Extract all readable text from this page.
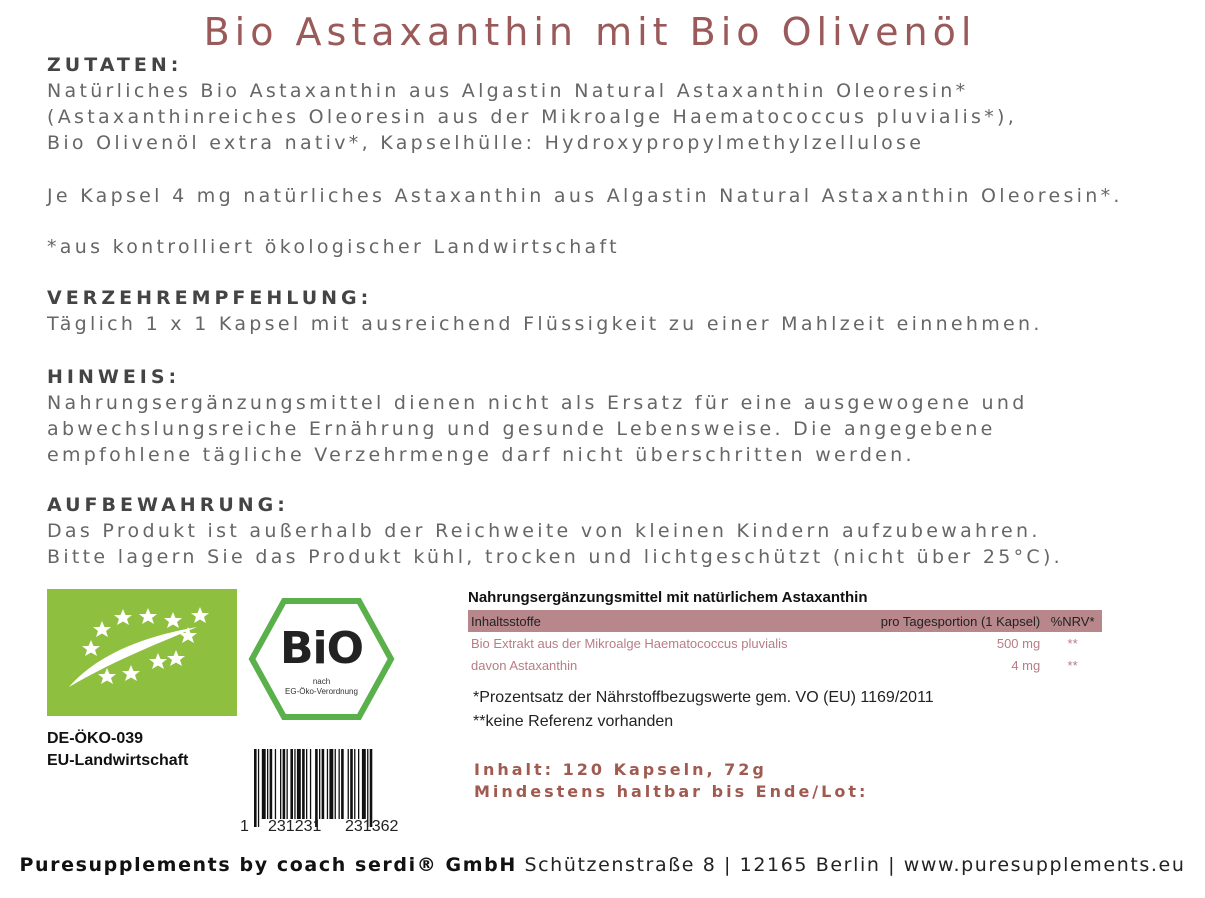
Bio Astaxanthin mit Bio Olivenöl
ZUTATEN:
Natürliches Bio Astaxanthin aus Algastin Natural Astaxanthin Oleoresin*
(Astaxanthinreiches Oleoresin aus der Mikroalge Haematococcus pluvialis*),
Bio Olivenöl extra nativ*, Kapselhülle: Hydroxypropylmethylzellulose
Je Kapsel 4 mg natürliches Astaxanthin aus Algastin Natural Astaxanthin Oleoresin*.
*aus kontrolliert ökologischer Landwirtschaft
VERZEHREMPFEHLUNG:
Täglich 1 x 1 Kapsel mit ausreichend Flüssigkeit zu einer Mahlzeit einnehmen.
HINWEIS:
Nahrungsergänzungsmittel dienen nicht als Ersatz für eine ausgewogene und
abwechslungsreiche Ernährung und gesunde Lebensweise. Die angegebene
empfohlene tägliche Verzehrmenge darf nicht überschritten werden.
AUFBEWAHRUNG:
Das Produkt ist außerhalb der Reichweite von kleinen Kindern aufzubewahren.
Bitte lagern Sie das Produkt kühl, trocken und lichtgeschützt (nicht über 25°C).
BiO
nach
EG-Öko-Verordnung
DE-ÖKO-039
EU-Landwirtschaft
1 231231 231362
Nahrungsergänzungsmittel mit natürlichem Astaxanthin
Inhaltsstoffe	pro Tagesportion (1 Kapsel)	%NRV*
Bio Extrakt aus der Mikroalge Haematococcus pluvialis	500 mg	**
davon Astaxanthin	4 mg	**
*Prozentsatz der Nährstoffbezugswerte gem. VO (EU) 1169/2011
**keine Referenz vorhanden
Inhalt: 120 Kapseln, 72g
Mindestens haltbar bis Ende/Lot:
Puresupplements by coach serdi® GmbH Schützenstraße 8 | 12165 Berlin | www.puresupplements.eu
